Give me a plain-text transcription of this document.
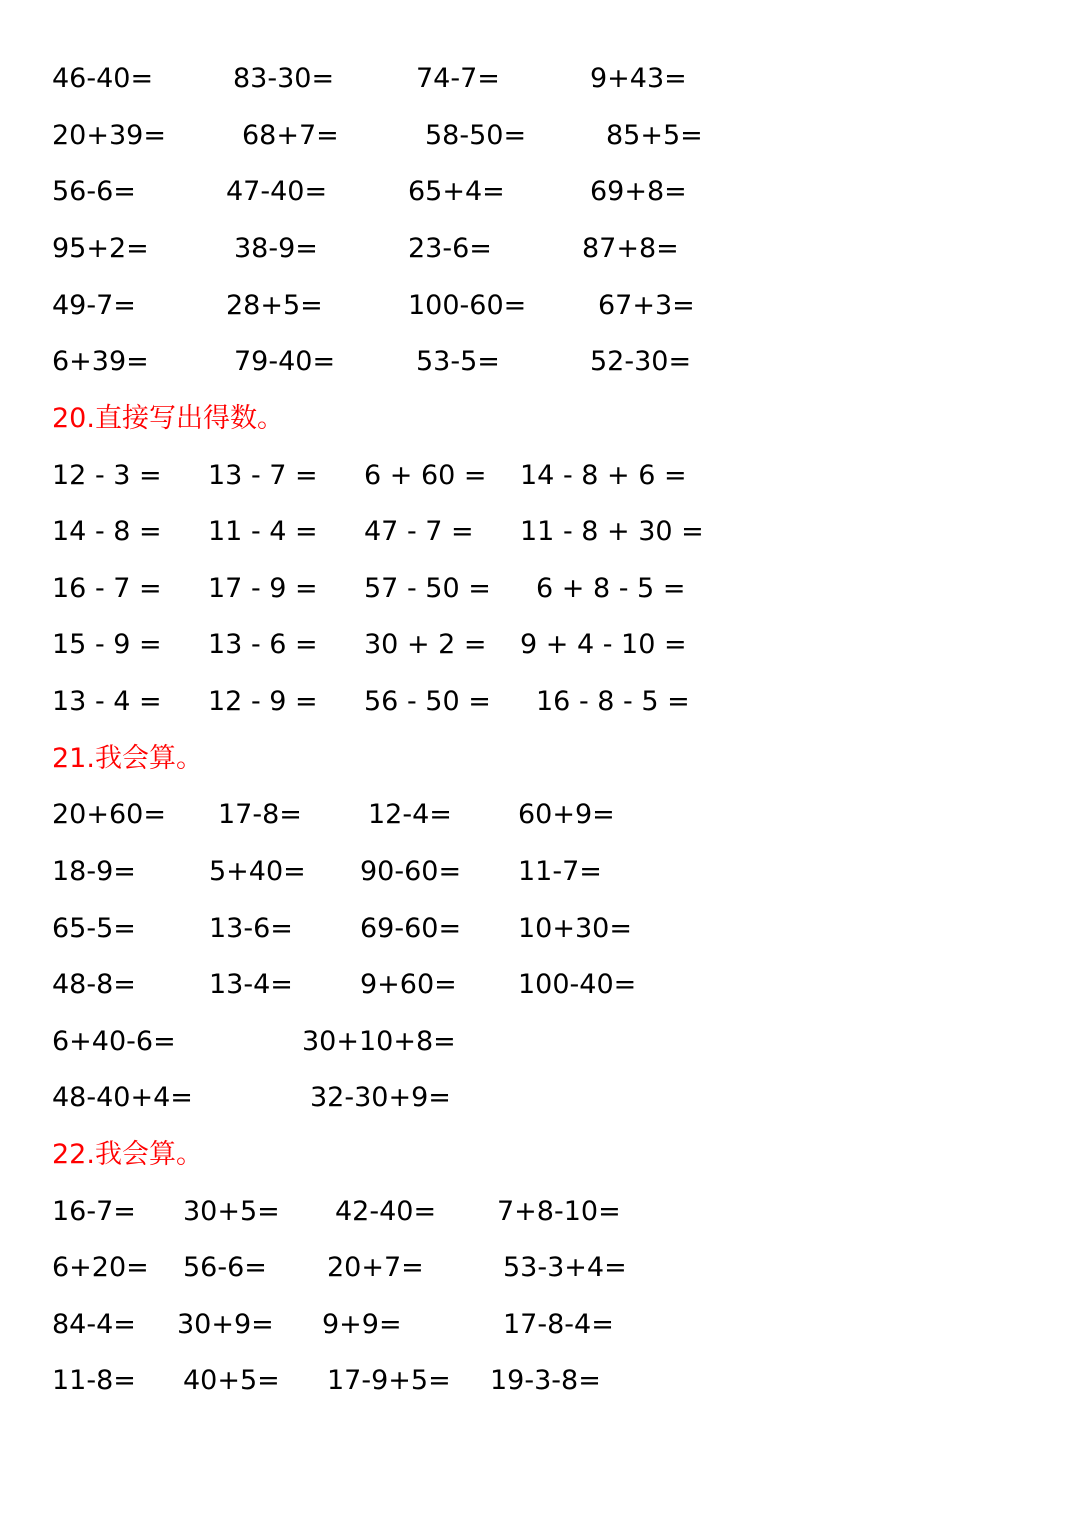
46-40=	83-30=	74-7=	9+43=
20+39=	68+7=	58-50=	85+5=
56-6=	47-40=	65+4=	69+8=
95+2=	38-9=	23-6=	87+8=
49-7=	28+5=	100-60=	67+3=
6+39=	79-40=	53-5=	52-30=
20.直接写出得数。
12 - 3 = 13 - 7 = 6 + 60 = 14 - 8 + 6 =
14 - 8 = 11 - 4 = 47 - 7 = 11 - 8 + 30 =
16 - 7 = 17 - 9 = 57 - 50 = 6 + 8 - 5 =
15 - 9 = 13 - 6 = 30 + 2 = 9 + 4 - 10 =
13 - 4 = 12 - 9 = 56 - 50 = 16 - 8 - 5 =
21.我会算。
20+60= 17-8= 12-4= 60+9=
18-9=	5+40= 90-60= 11-7=
65-5=	13-6= 69-60= 10+30=
48-8=	13-4= 9+60= 100-40=
6+40-6=	30+10+8=
48-40+4=	32-30+9=
22.我会算。
16-7= 30+5= 42-40= 7+8-10=
6+20= 56-6= 20+7=	53-3+4=
84-4= 30+9= 9+9=	17-8-4=
11-8= 40+5= 17-9+5= 19-3-8=
